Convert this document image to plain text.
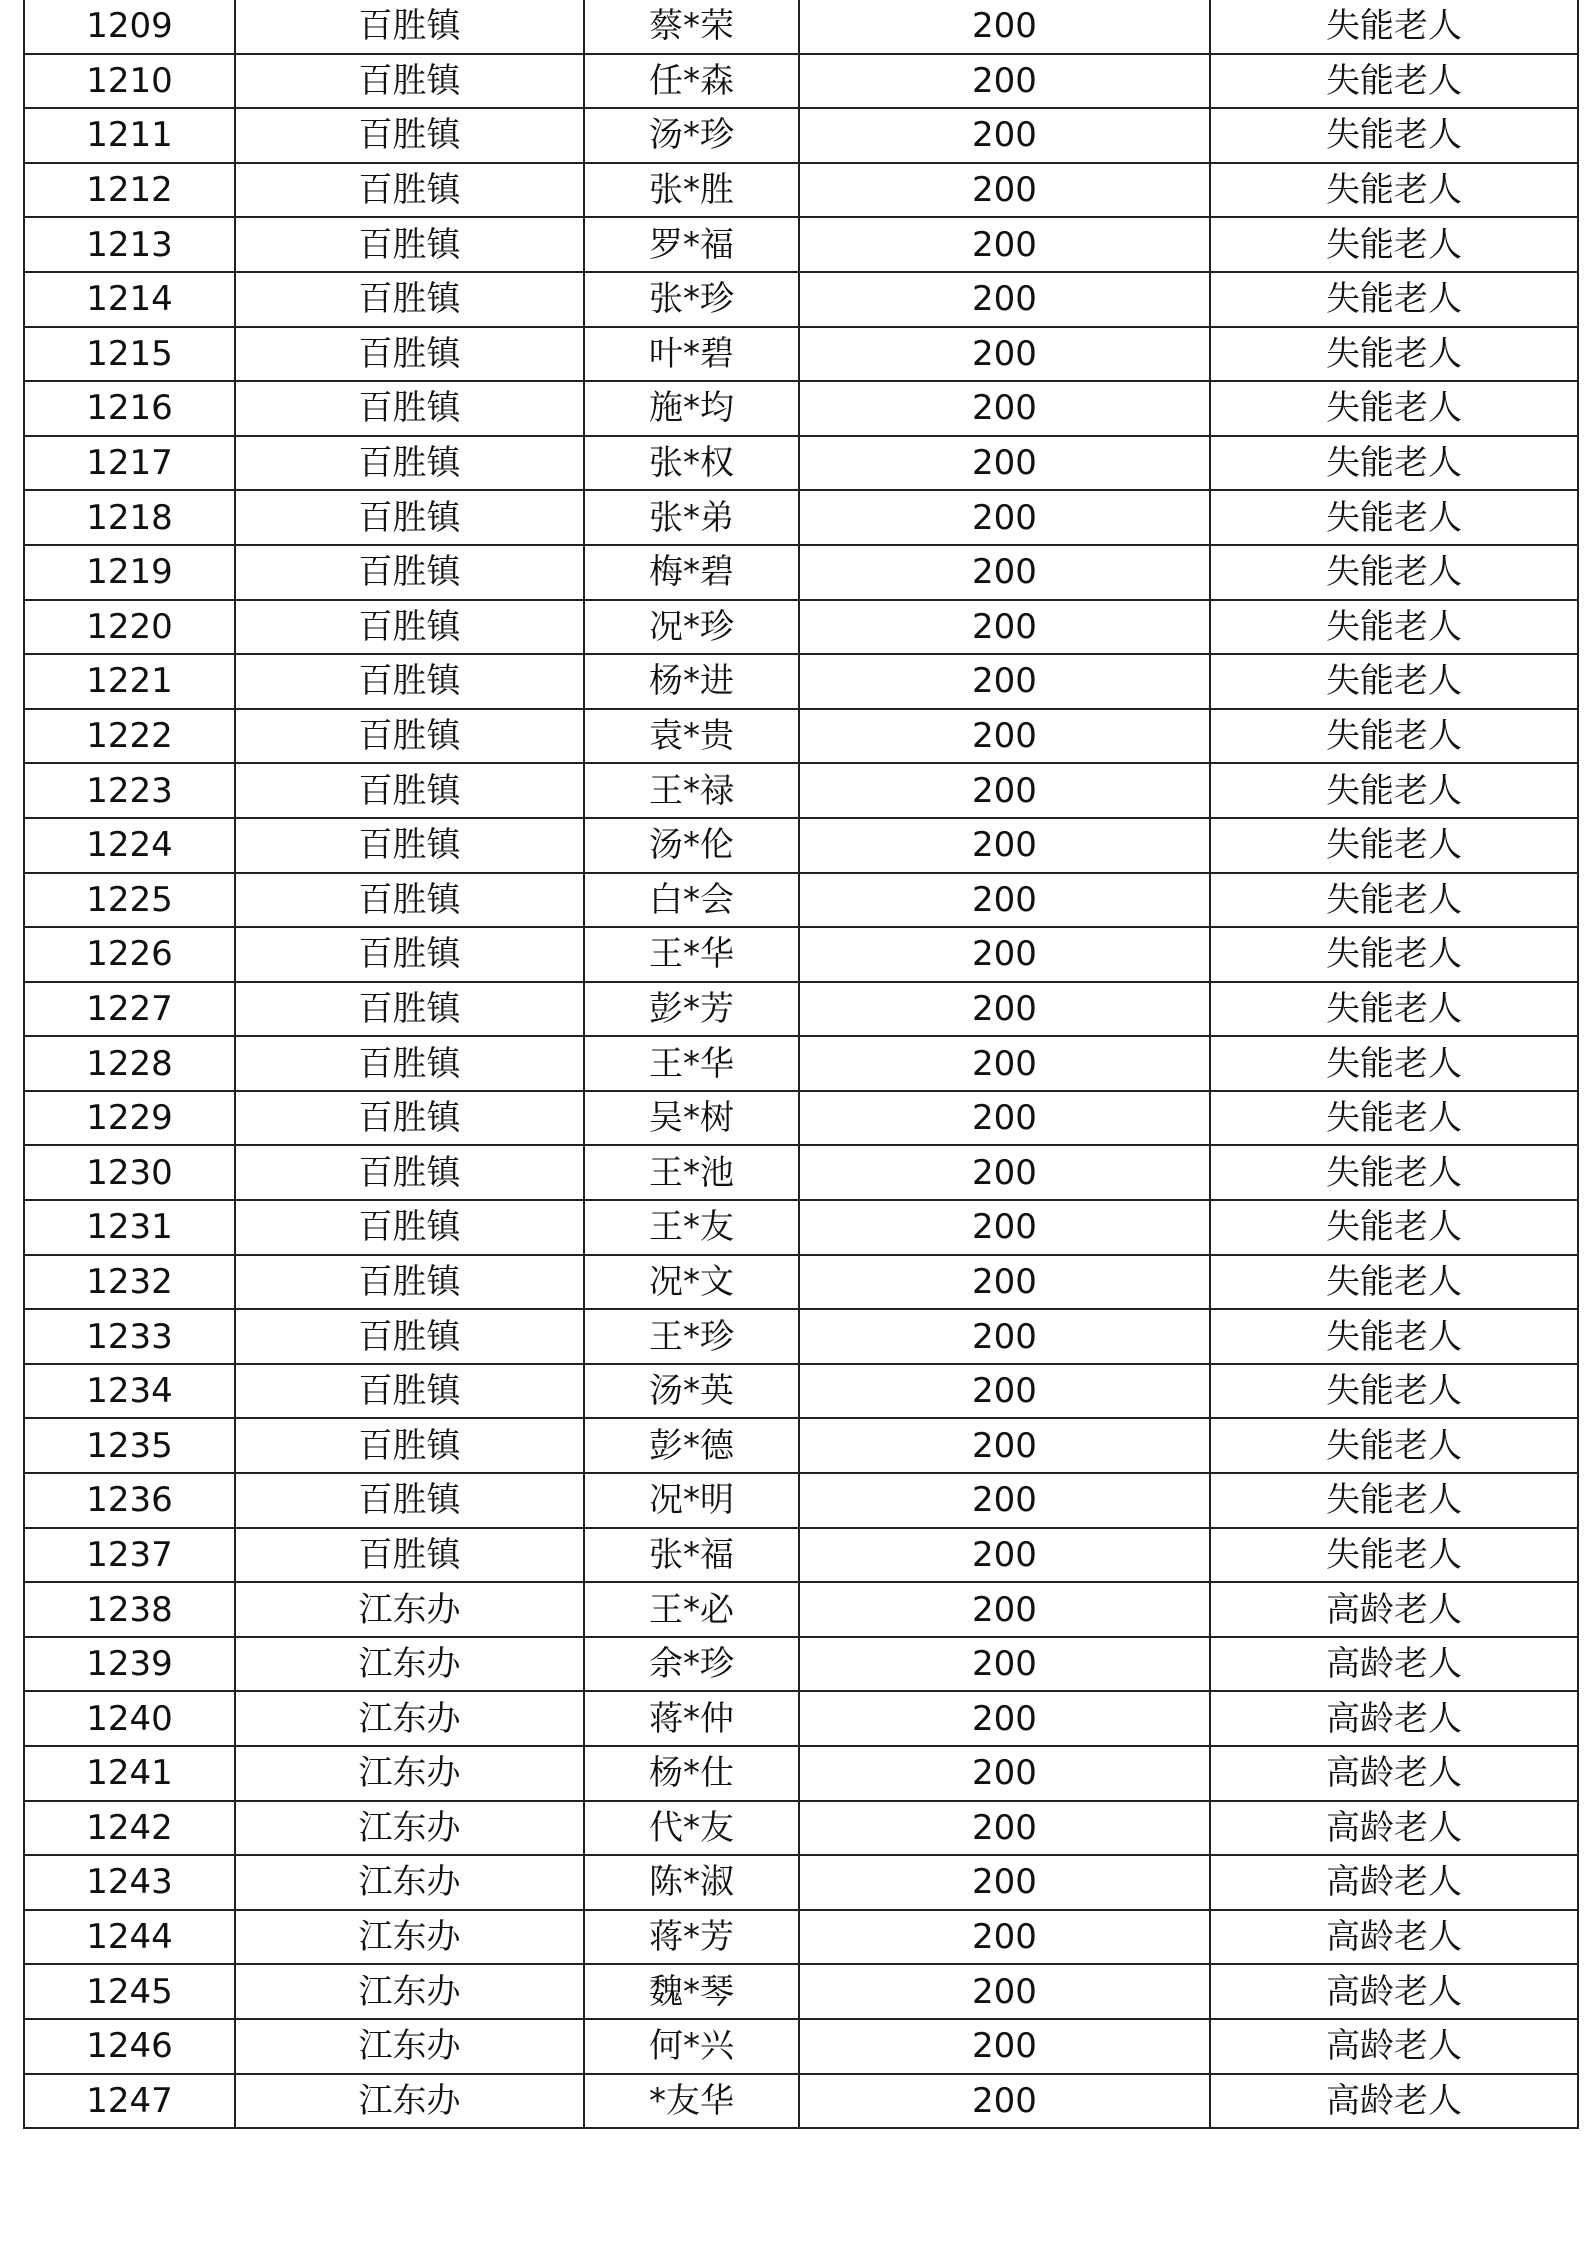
1209	百胜镇	蔡*荣	200	失能老人
1210	百胜镇	任*森	200	失能老人
1211	百胜镇	汤*珍	200	失能老人
1212	百胜镇	张*胜	200	失能老人
1213	百胜镇	罗*福	200	失能老人
1214	百胜镇	张*珍	200	失能老人
1215	百胜镇	叶*碧	200	失能老人
1216	百胜镇	施*均	200	失能老人
1217	百胜镇	张*权	200	失能老人
1218	百胜镇	张*弟	200	失能老人
1219	百胜镇	梅*碧	200	失能老人
1220	百胜镇	况*珍	200	失能老人
1221	百胜镇	杨*进	200	失能老人
1222	百胜镇	袁*贵	200	失能老人
1223	百胜镇	王*禄	200	失能老人
1224	百胜镇	汤*伦	200	失能老人
1225	百胜镇	白*会	200	失能老人
1226	百胜镇	王*华	200	失能老人
1227	百胜镇	彭*芳	200	失能老人
1228	百胜镇	王*华	200	失能老人
1229	百胜镇	吴*树	200	失能老人
1230	百胜镇	王*池	200	失能老人
1231	百胜镇	王*友	200	失能老人
1232	百胜镇	况*文	200	失能老人
1233	百胜镇	王*珍	200	失能老人
1234	百胜镇	汤*英	200	失能老人
1235	百胜镇	彭*德	200	失能老人
1236	百胜镇	况*明	200	失能老人
1237	百胜镇	张*福	200	失能老人
1238	江东办	王*必	200	高龄老人
1239	江东办	余*珍	200	高龄老人
1240	江东办	蒋*仲	200	高龄老人
1241	江东办	杨*仕	200	高龄老人
1242	江东办	代*友	200	高龄老人
1243	江东办	陈*淑	200	高龄老人
1244	江东办	蒋*芳	200	高龄老人
1245	江东办	魏*琴	200	高龄老人
1246	江东办	何*兴	200	高龄老人
1247	江东办	*友华	200	高龄老人
